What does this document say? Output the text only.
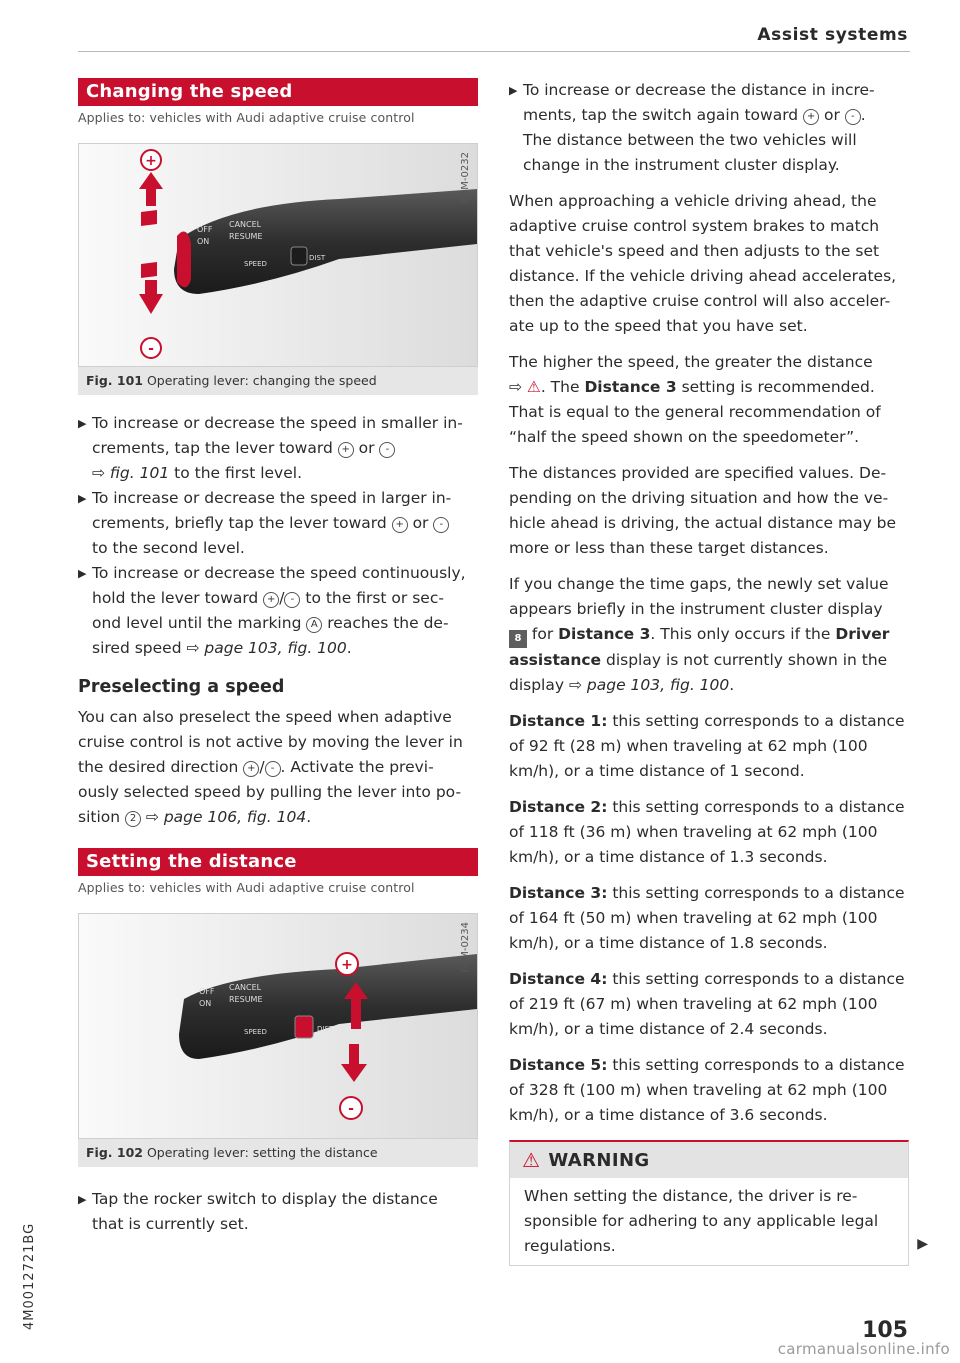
Assist systems
4M0012721BG
Changing the speed

Applies to: vehicles with Audi adaptive cruise control

OFF
CANCEL
ON
RESUME
SPEED
DIST
+
-
B4M-0232
Fig. 101 Operating lever: changing the speed
▶ To increase or decrease the speed in smaller in-
crements, tap the lever toward + or -
⇨ fig. 101 to the first level.
▶ To increase or decrease the speed in larger in-
crements, briefly tap the lever toward + or -
to the second level.
▶ To increase or decrease the speed continuously,
hold the lever toward + / - to the first or sec-
ond level until the marking A reaches the de-
sired speed ⇨ page 103, fig. 100.
Preselecting a speed
You can also preselect the speed when adaptive
cruise control is not active by moving the lever in
the desired direction + / - . Activate the previ-
ously selected speed by pulling the lever into po-
sition 2 ⇨ page 106, fig. 104.
Setting the distance

Applies to: vehicles with Audi adaptive cruise control

OFF CANCEL
ON RESUME
SPEED	DIST
+
-
B4M-0234
Fig. 102 Operating lever: setting the distance
▶ Tap the rocker switch to display the distance
that is currently set.
▶ To increase or decrease the distance in incre-
ments, tap the switch again toward + or - .
The distance between the two vehicles will
change in the instrument cluster display.
When approaching a vehicle driving ahead, the
adaptive cruise control system brakes to match
that vehicle's speed and then adjusts to the set
distance. If the vehicle driving ahead accelerates,
then the adaptive cruise control will also acceler-
ate up to the speed that you have set.
The higher the speed, the greater the distance
⇨ ⚠. The Distance 3 setting is recommended.
That is equal to the general recommendation of
“half the speed shown on the speedometer”.
The distances provided are specified values. De-
pending on the driving situation and how the ve-
hicle ahead is driving, the actual distance may be
more or less than these target distances.
If you change the time gaps, the newly set value
appears briefly in the instrument cluster display
8 for Distance 3. This only occurs if the Driver
assistance display is not currently shown in the
display ⇨ page 103, fig. 100.
Distance 1: this setting corresponds to a distance
of 92 ft (28 m) when traveling at 62 mph (100
km/h), or a time distance of 1 second.
Distance 2: this setting corresponds to a distance
of 118 ft (36 m) when traveling at 62 mph (100
km/h), or a time distance of 1.3 seconds.
Distance 3: this setting corresponds to a distance
of 164 ft (50 m) when traveling at 62 mph (100
km/h), or a time distance of 1.8 seconds.
Distance 4: this setting corresponds to a distance
of 219 ft (67 m) when traveling at 62 mph (100
km/h), or a time distance of 2.4 seconds.
Distance 5: this setting corresponds to a distance
of 328 ft (100 m) when traveling at 62 mph (100
km/h), or a time distance of 3.6 seconds.
⚠ WARNING
When setting the distance, the driver is re-
sponsible for adhering to any applicable legal
regulations.	▶
105
carmanualsonline.info
